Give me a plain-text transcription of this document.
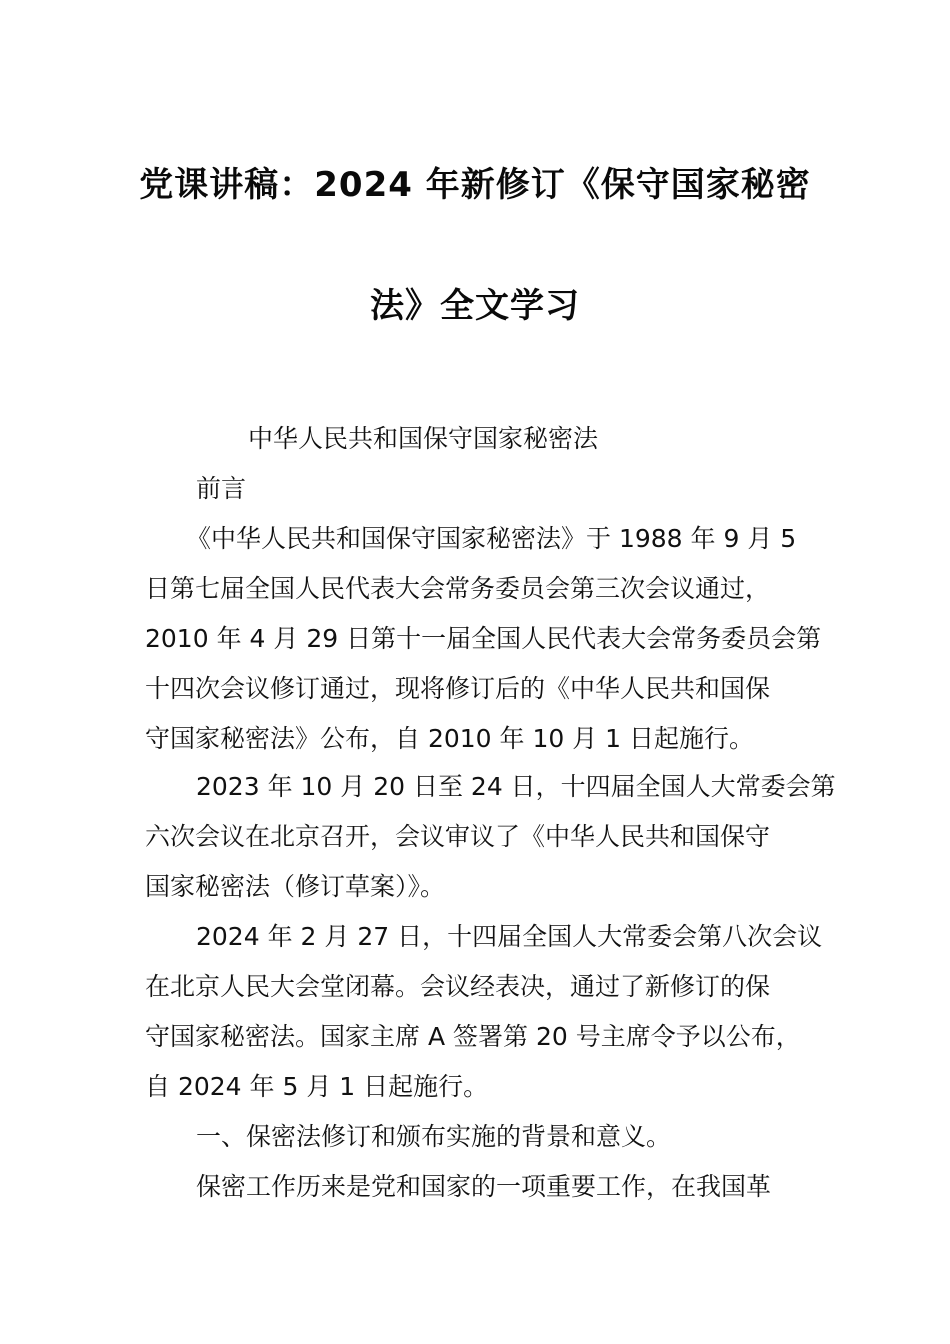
党课讲稿：2024 年新修订《保守国家秘密
法》全文学习
中华人民共和国保守国家秘密法
前言
《中华人民共和国保守国家秘密法》于 1988 年 9 月 5
日第七届全国人民代表大会常务委员会第三次会议通过，
2010 年 4 月 29 日第十一届全国人民代表大会常务委员会第
十四次会议修订通过，现将修订后的《中华人民共和国保
守国家秘密法》公布，自 2010 年 10 月 1 日起施行。
2023 年 10 月 20 日至 24 日，十四届全国人大常委会第
六次会议在北京召开，会议审议了《中华人民共和国保守
国家秘密法（修订草案）》。
2024 年 2 月 27 日，十四届全国人大常委会第八次会议
在北京人民大会堂闭幕。会议经表决，通过了新修订的保
守国家秘密法。国家主席 A 签署第 20 号主席令予以公布，
自 2024 年 5 月 1 日起施行。
一、保密法修订和颁布实施的背景和意义。
保密工作历来是党和国家的一项重要工作，在我国革
